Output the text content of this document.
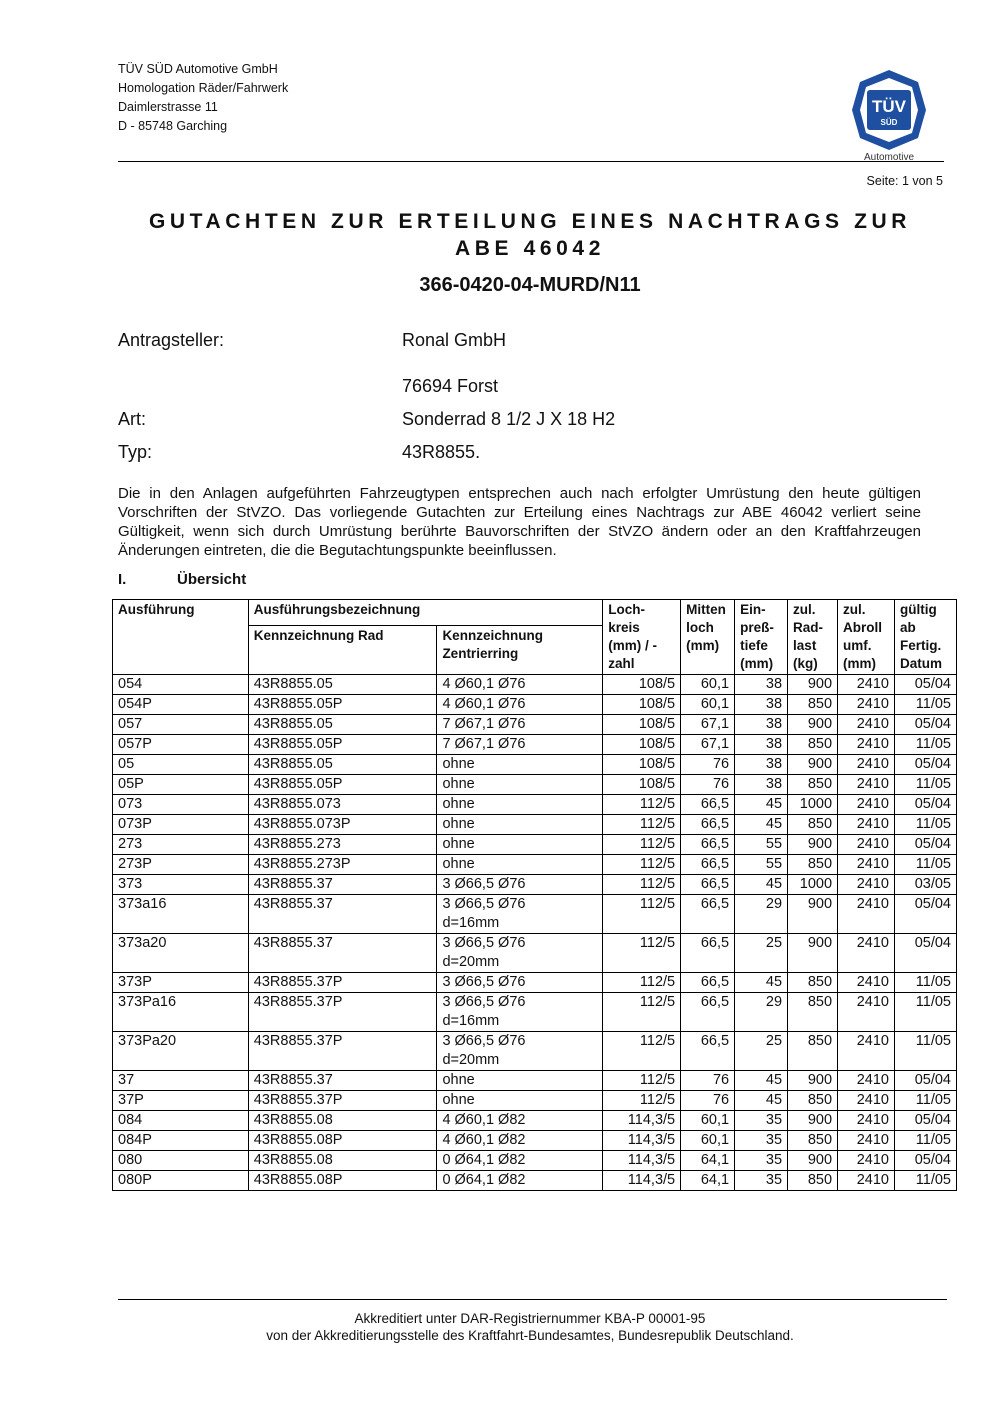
TÜV SÜD Automotive GmbH
Homologation Räder/Fahrwerk
Daimlerstrasse 11
D - 85748 Garching
TÜV
SÜD
Automotive
Seite: 1 von 5
GUTACHTEN ZUR ERTEILUNG EINES NACHTRAGS ZUR
ABE 46042
366-0420-04-MURD/N11
Antragsteller:	Ronal GmbH
76694 Forst
Art:	Sonderrad 8 1/2 J X 18 H2
Typ:	43R8855.
Die in den Anlagen aufgeführten Fahrzeugtypen entsprechen auch nach erfolgter Umrüstung den heute gültigen Vorschriften der StVZO. Das vorliegende Gutachten zur Erteilung eines Nachtrags zur ABE 46042 verliert seine Gültigkeit, wenn sich durch Umrüstung berührte Bauvorschriften der StVZO ändern oder an den Kraftfahrzeugen Änderungen eintreten, die die Begutachtungspunkte beeinflussen.
I.	Übersicht
Ausführung	Ausführungsbezeichnung		Loch-kreis (mm) / -zahl	Mitten loch (mm)	Ein-preß-tiefe (mm)	zul. Rad-last (kg)	zul. Abroll umf. (mm)	gültig ab Fertig. Datum
	Kennzeichnung Rad	Kennzeichnung Zentrierring						
054	43R8855.05	4 Ø60,1 Ø76	108/5	60,1	38	900	2410	05/04
054P	43R8855.05P	4 Ø60,1 Ø76	108/5	60,1	38	850	2410	11/05
057	43R8855.05	7 Ø67,1 Ø76	108/5	67,1	38	900	2410	05/04
057P	43R8855.05P	7 Ø67,1 Ø76	108/5	67,1	38	850	2410	11/05
05	43R8855.05	ohne	108/5	76	38	900	2410	05/04
05P	43R8855.05P	ohne	108/5	76	38	850	2410	11/05
073	43R8855.073	ohne	112/5	66,5	45	1000	2410	05/04
073P	43R8855.073P	ohne	112/5	66,5	45	850	2410	11/05
273	43R8855.273	ohne	112/5	66,5	55	900	2410	05/04
273P	43R8855.273P	ohne	112/5	66,5	55	850	2410	11/05
373	43R8855.37	3 Ø66,5 Ø76	112/5	66,5	45	1000	2410	03/05
373a16	43R8855.37	3 Ø66,5 Ø76
d=16mm	112/5	66,5	29	900	2410	05/04
373a20	43R8855.37	3 Ø66,5 Ø76
d=20mm	112/5	66,5	25	900	2410	05/04
373P	43R8855.37P	3 Ø66,5 Ø76	112/5	66,5	45	850	2410	11/05
373Pa16	43R8855.37P	3 Ø66,5 Ø76
d=16mm	112/5	66,5	29	850	2410	11/05
373Pa20	43R8855.37P	3 Ø66,5 Ø76
d=20mm	112/5	66,5	25	850	2410	11/05
37	43R8855.37	ohne	112/5	76	45	900	2410	05/04
37P	43R8855.37P	ohne	112/5	76	45	850	2410	11/05
084	43R8855.08	4 Ø60,1 Ø82	114,3/5	60,1	35	900	2410	05/04
084P	43R8855.08P	4 Ø60,1 Ø82	114,3/5	60,1	35	850	2410	11/05
080	43R8855.08	0 Ø64,1 Ø82	114,3/5	64,1	35	900	2410	05/04
080P	43R8855.08P	0 Ø64,1 Ø82	114,3/5	64,1	35	850	2410	11/05
Akkreditiert unter DAR-Registriernummer KBA-P 00001-95
von der Akkreditierungsstelle des Kraftfahrt-Bundesamtes, Bundesrepublik Deutschland.
